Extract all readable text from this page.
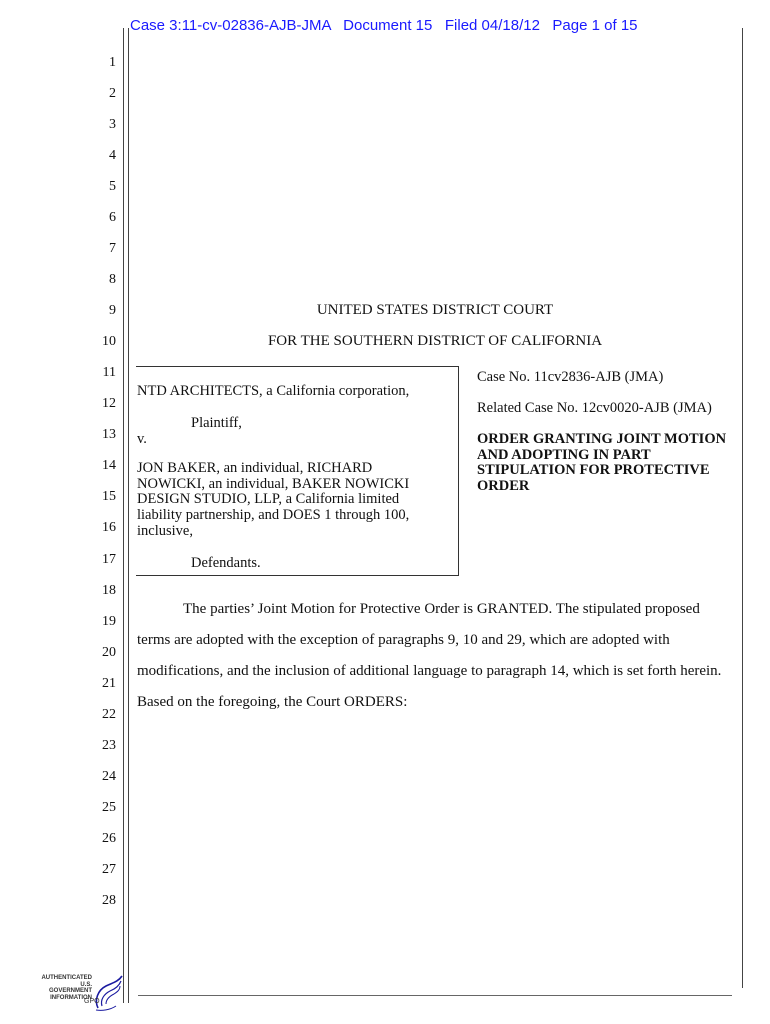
Case 3:11-cv-02836-AJB-JMA   Document 15   Filed 04/18/12   Page 1 of 15
1
2
3
4
5
6
7
8
9
10
11
12
13
14
15
16
17
18
19
20
21
22
23
24
25
26
27
28
UNITED STATES DISTRICT COURT
FOR THE SOUTHERN DISTRICT OF CALIFORNIA
NTD ARCHITECTS, a California corporation,
Plaintiff,
v.
JON BAKER, an individual, RICHARD
NOWICKI, an individual, BAKER NOWICKI
DESIGN STUDIO, LLP, a California limited
liability partnership, and DOES 1 through 100,
inclusive,
Defendants.
Case No. 11cv2836-AJB (JMA)
Related Case No. 12cv0020-AJB (JMA)
ORDER GRANTING JOINT MOTION AND ADOPTING IN PART STIPULATION FOR PROTECTIVE ORDER
The parties’ Joint Motion for Protective Order is GRANTED. The stipulated proposed
terms are adopted with the exception of paragraphs 9, 10 and 29, which are adopted with
modifications, and the inclusion of additional language to paragraph 14, which is set forth herein.
Based on the foregoing, the Court ORDERS:
AUTHENTICATED
U.S. GOVERNMENT
INFORMATION
GPO
